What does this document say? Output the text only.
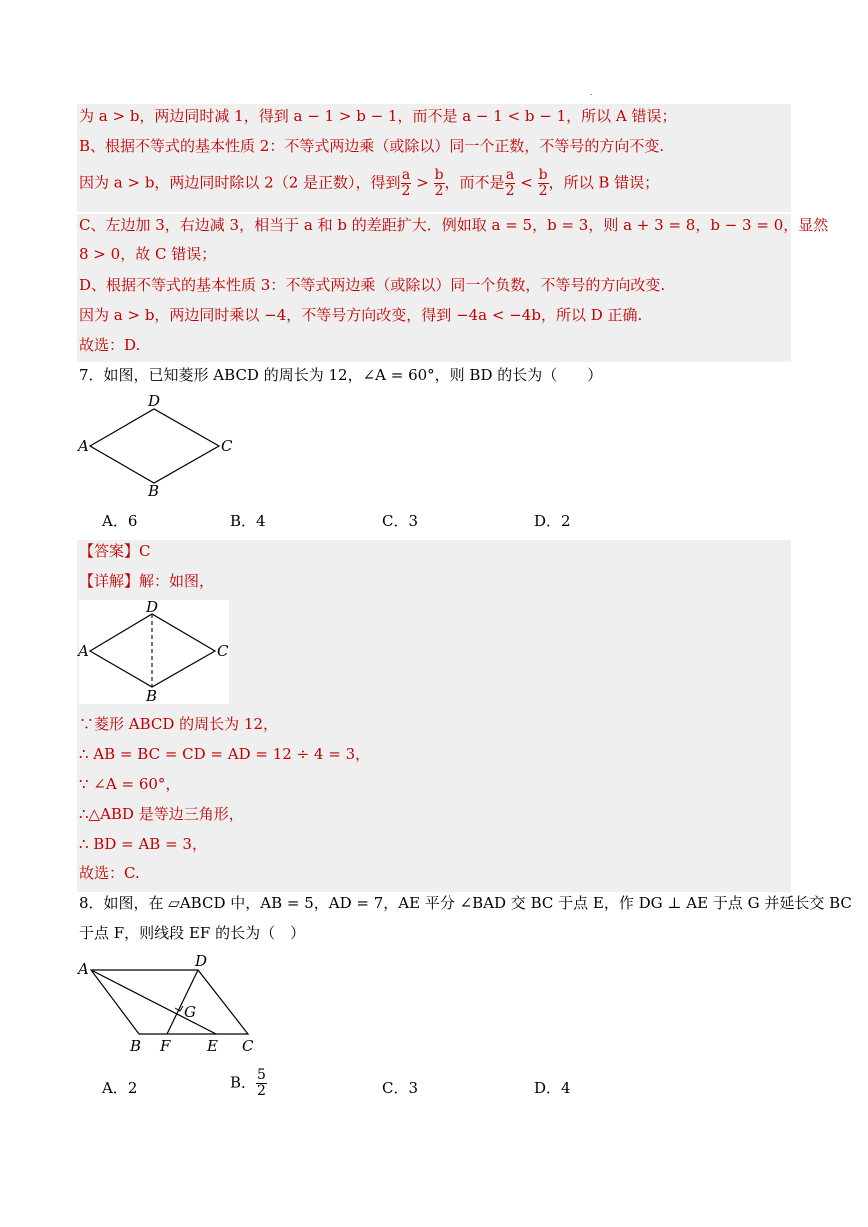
.
为 a > b，两边同时减 1，得到 a − 1 > b − 1，而不是 a − 1 < b − 1，所以 A 错误；
B、根据不等式的基本性质 2：不等式两边乘（或除以）同一个正数，不等号的方向不变.
因为 a > b，两边同时除以 2（2 是正数），得到 $\frac{a}{2} > \frac{b}{2}$ ，而不是 $\frac{a}{2} < \frac{b}{2}$ ，所以 B 错误；
C、左边加 3，右边减 3，相当于 a 和 b 的差距扩大．例如取 a = 5，b = 3，则 a + 3 = 8，b − 3 = 0，显然
8 > 0，故 C 错误；
D、根据不等式的基本性质 3：不等式两边乘（或除以）同一个负数，不等号的方向改变.
因为 a > b，两边同时乘以 −4，不等号方向改变，得到 −4a < −4b，所以 D 正确.
故选：D.
7．如图，已知菱形 ABCD 的周长为 12，∠A = 60°，则 BD 的长为（　　）
D
A	C
B
A．6	B．4	C．3	D．2
【答案】C
【详解】解：如图，
D
A	C
B
∵菱形 ABCD 的周长为 12，
∴ AB = BC = CD = AD = 12 ÷ 4 = 3，
∵ ∠A = 60°，
∴△ABD 是等边三角形，
∴ BD = AB = 3，
故选：C.
8．如图，在 ▱ABCD 中，AB = 5，AD = 7，AE 平分 ∠BAD 交 BC 于点 E，作 DG ⊥ AE 于点 G 并延长交 BC
于点 F，则线段 EF 的长为（　）
A	D
G
B F E C
A．2	B． $\frac{5}{2}$	C．3	D．4
